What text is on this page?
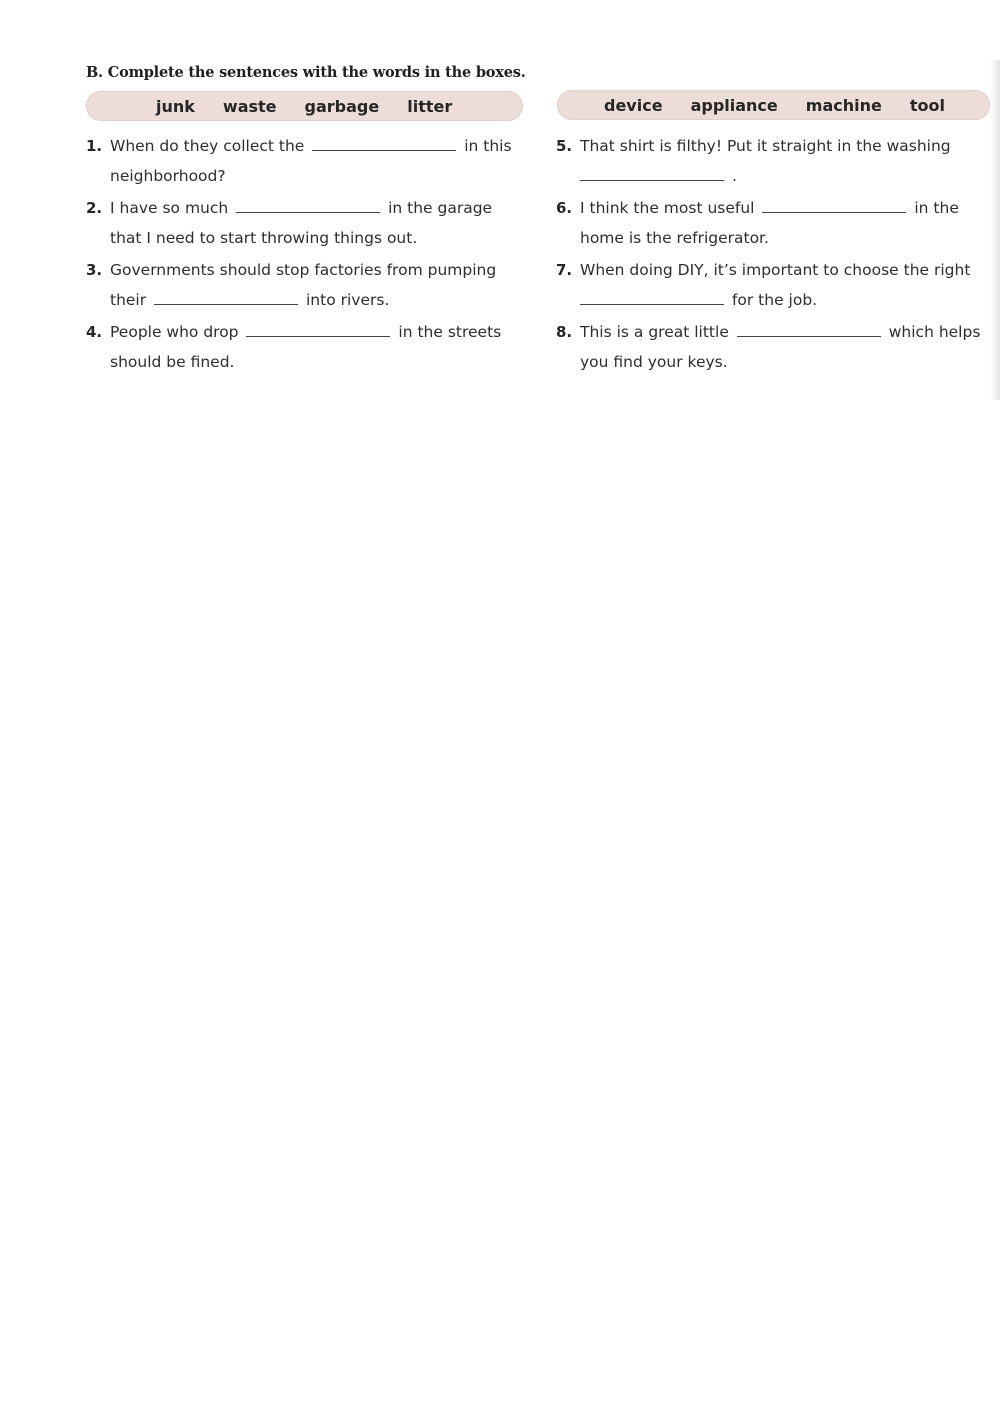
B. Complete the sentences with the words in the boxes.

junk waste garbage litter	device appliance machine tool
1. When do they collect the	in this neighborhood?
2. I have so much	in the garage that I need to start throwing things out.
3. Governments should stop factories from pumping their	into rivers.
4. People who drop	in the streets should be fined.
5. That shirt is filthy! Put it straight in the washing  .
6. I think the most useful	in the home is the refrigerator.
7. When doing DIY, it’s important to choose the right  for the job.
8. This is a great little	which helps you find your keys.
